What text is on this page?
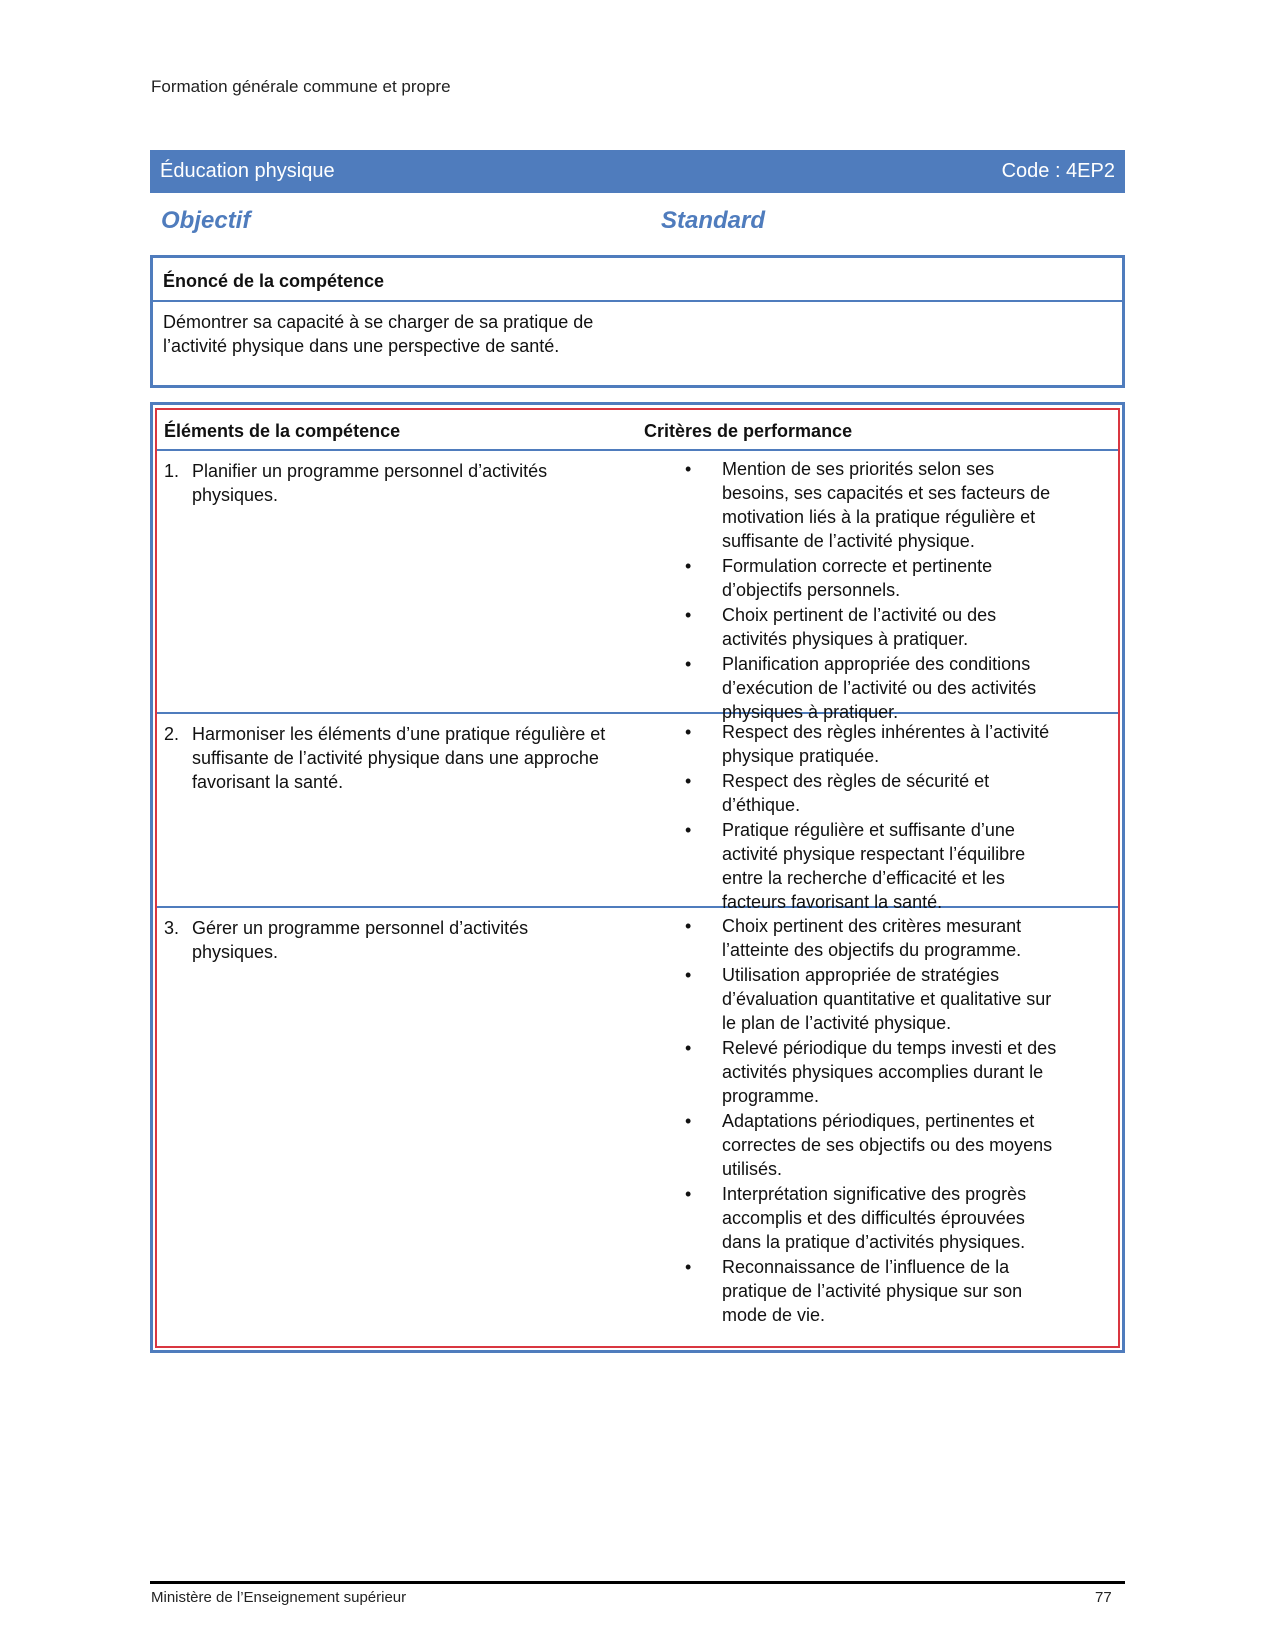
Formation générale commune et propre
Éducation physique	Code : 4EP2
Objectif	Standard
Énoncé de la compétence
Démontrer sa capacité à se charger de sa pratique de l’activité physique dans une perspective de santé.
Éléments de la compétence	Critères de performance
1. Planifier un programme personnel d’activités physiques.
• Mention de ses priorités selon ses besoins, ses capacités et ses facteurs de motivation liés à la pratique régulière et suffisante de l’activité physique.
• Formulation correcte et pertinente d’objectifs personnels.
• Choix pertinent de l’activité ou des activités physiques à pratiquer.
• Planification appropriée des conditions d’exécution de l’activité ou des activités physiques à pratiquer.
2. Harmoniser les éléments d’une pratique régulière et suffisante de l’activité physique dans une approche favorisant la santé.
• Respect des règles inhérentes à l’activité physique pratiquée.
• Respect des règles de sécurité et d’éthique.
• Pratique régulière et suffisante d’une activité physique respectant l’équilibre entre la recherche d’efficacité et les facteurs favorisant la santé.
3. Gérer un programme personnel d’activités physiques.
• Choix pertinent des critères mesurant l’atteinte des objectifs du programme.
• Utilisation appropriée de stratégies d’évaluation quantitative et qualitative sur le plan de l’activité physique.
• Relevé périodique du temps investi et des activités physiques accomplies durant le programme.
• Adaptations périodiques, pertinentes et correctes de ses objectifs ou des moyens utilisés.
• Interprétation significative des progrès accomplis et des difficultés éprouvées dans la pratique d’activités physiques.
• Reconnaissance de l’influence de la pratique de l’activité physique sur son mode de vie.
Ministère de l’Enseignement supérieur	77
